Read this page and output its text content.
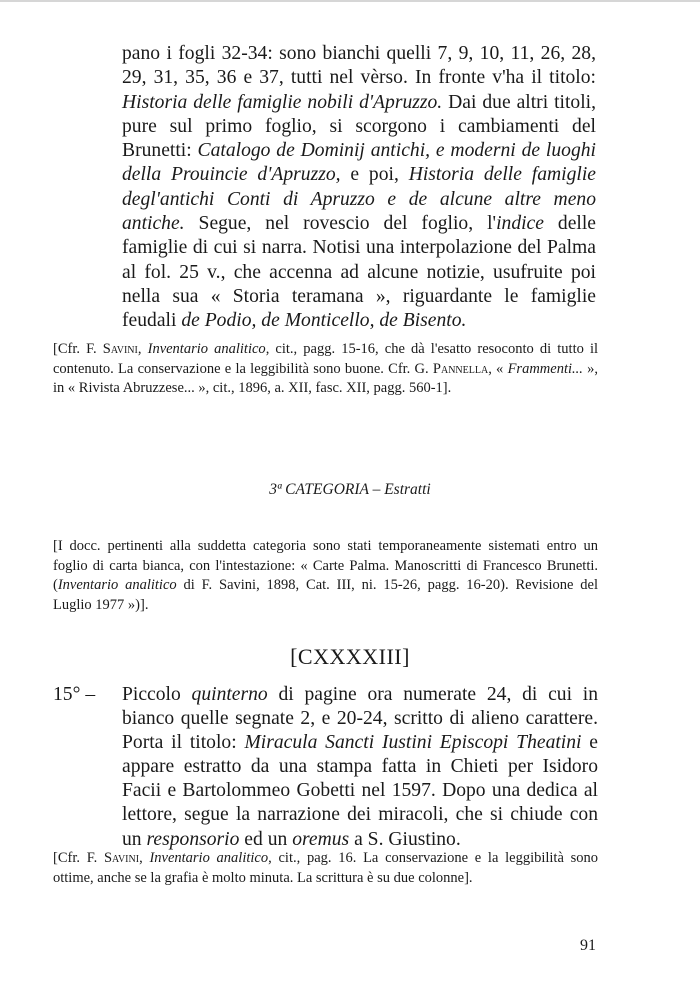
pano i fogli 32-34: sono bianchi quelli 7, 9, 10, 11, 26, 28, 29, 31, 35, 36 e 37, tutti nel vèrso. In fronte v'ha il titolo: Historia delle famiglie nobili d'Apruzzo. Dai due altri titoli, pure sul primo foglio, si scorgono i cambiamenti del Brunetti: Catalogo de Dominij antichi, e moderni de luoghi della Prouincie d'Apruzzo, e poi, Historia delle famiglie degl'antichi Conti di Apruzzo e de alcune altre meno antiche. Segue, nel rovescio del foglio, l'indice delle famiglie di cui si narra. Notisi una interpolazione del Palma al fol. 25 v., che accenna ad alcune notizie, usufruite poi nella sua « Storia teramana », riguardante le famiglie feudali de Podio, de Monticello, de Bisento.

[Cfr. F. Savini, Inventario analitico, cit., pagg. 15-16, che dà l'esatto resoconto di tutto il contenuto. La conservazione e la leggibilità sono buone. Cfr. G. Pannella, « Frammenti... », in « Rivista Abruzzese... », cit., 1896, a. XII, fasc. XII, pagg. 560-1].

3ª CATEGORIA – Estratti

[I docc. pertinenti alla suddetta categoria sono stati temporaneamente sistemati entro un foglio di carta bianca, con l'intestazione: « Carte Palma. Manoscritti di Francesco Brunetti. (Inventario analitico di F. Savini, 1898, Cat. III, ni. 15-26, pagg. 16-20). Revisione del Luglio 1977 »)].

[CXXXXIII]
15° –	Piccolo quinterno di pagine ora numerate 24, di cui in bianco quelle segnate 2, e 20-24, scritto di alieno carattere. Porta il titolo: Miracula Sancti Iustini Episcopi Theatini e appare estratto da una stampa fatta in Chieti per Isidoro Facii e Bartolommeo Gobetti nel 1597. Dopo una dedica al lettore, segue la narrazione dei miracoli, che si chiude con un responsorio ed un oremus a S. Giustino.

[Cfr. F. Savini, Inventario analitico, cit., pag. 16. La conservazione e la leggibilità sono ottime, anche se la grafia è molto minuta. La scrittura è su due colonne].

91
